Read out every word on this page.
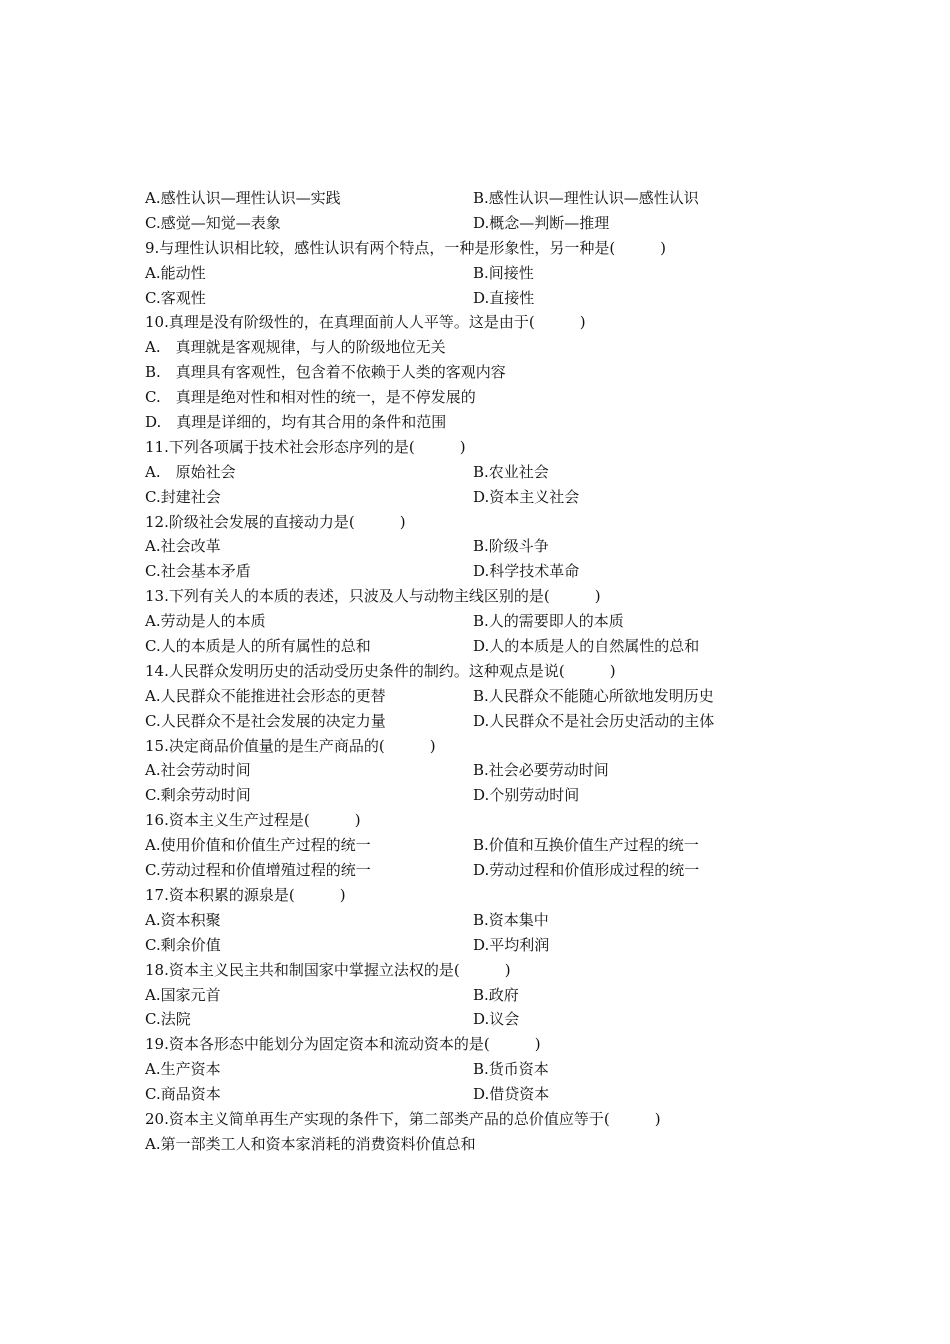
A.感性认识—理性认识—实践	B.感性认识—理性认识—感性认识
C.感觉—知觉—表象	D.概念—判断—推理
9.与理性认识相比较，感性认识有两个特点，一种是形象性，另一种是(　　　)
A.能动性	B.间接性
C.客观性	D.直接性
10.真理是没有阶级性的，在真理面前人人平等。这是由于(　　　)
A.　真理就是客观规律，与人的阶级地位无关
B.　真理具有客观性，包含着不依赖于人类的客观内容
C.　真理是绝对性和相对性的统一，是不停发展的
D.　真理是详细的，均有其合用的条件和范围
11.下列各项属于技术社会形态序列的是(　　　)
A.　原始社会	B.农业社会
C.封建社会	D.资本主义社会
12.阶级社会发展的直接动力是(　　　)
A.社会改革	B.阶级斗争
C.社会基本矛盾	D.科学技术革命
13.下列有关人的本质的表述，只波及人与动物主线区别的是(　　　)
A.劳动是人的本质	B.人的需要即人的本质
C.人的本质是人的所有属性的总和	D.人的本质是人的自然属性的总和
14.人民群众发明历史的活动受历史条件的制约。这种观点是说(　　　)
A.人民群众不能推进社会形态的更替	B.人民群众不能随心所欲地发明历史
C.人民群众不是社会发展的决定力量	D.人民群众不是社会历史活动的主体
15.决定商品价值量的是生产商品的(　　　)
A.社会劳动时间	B.社会必要劳动时间
C.剩余劳动时间	D.个别劳动时间
16.资本主义生产过程是(　　　)
A.使用价值和价值生产过程的统一	B.价值和互换价值生产过程的统一
C.劳动过程和价值增殖过程的统一	D.劳动过程和价值形成过程的统一
17.资本积累的源泉是(　　　)
A.资本积聚	B.资本集中
C.剩余价值	D.平均利润
18.资本主义民主共和制国家中掌握立法权的是(　　　)
A.国家元首	B.政府
C.法院	D.议会
19.资本各形态中能划分为固定资本和流动资本的是(　　　)
A.生产资本	B.货币资本
C.商品资本	D.借贷资本
20.资本主义简单再生产实现的条件下，第二部类产品的总价值应等于(　　　)
A.第一部类工人和资本家消耗的消费资料价值总和
